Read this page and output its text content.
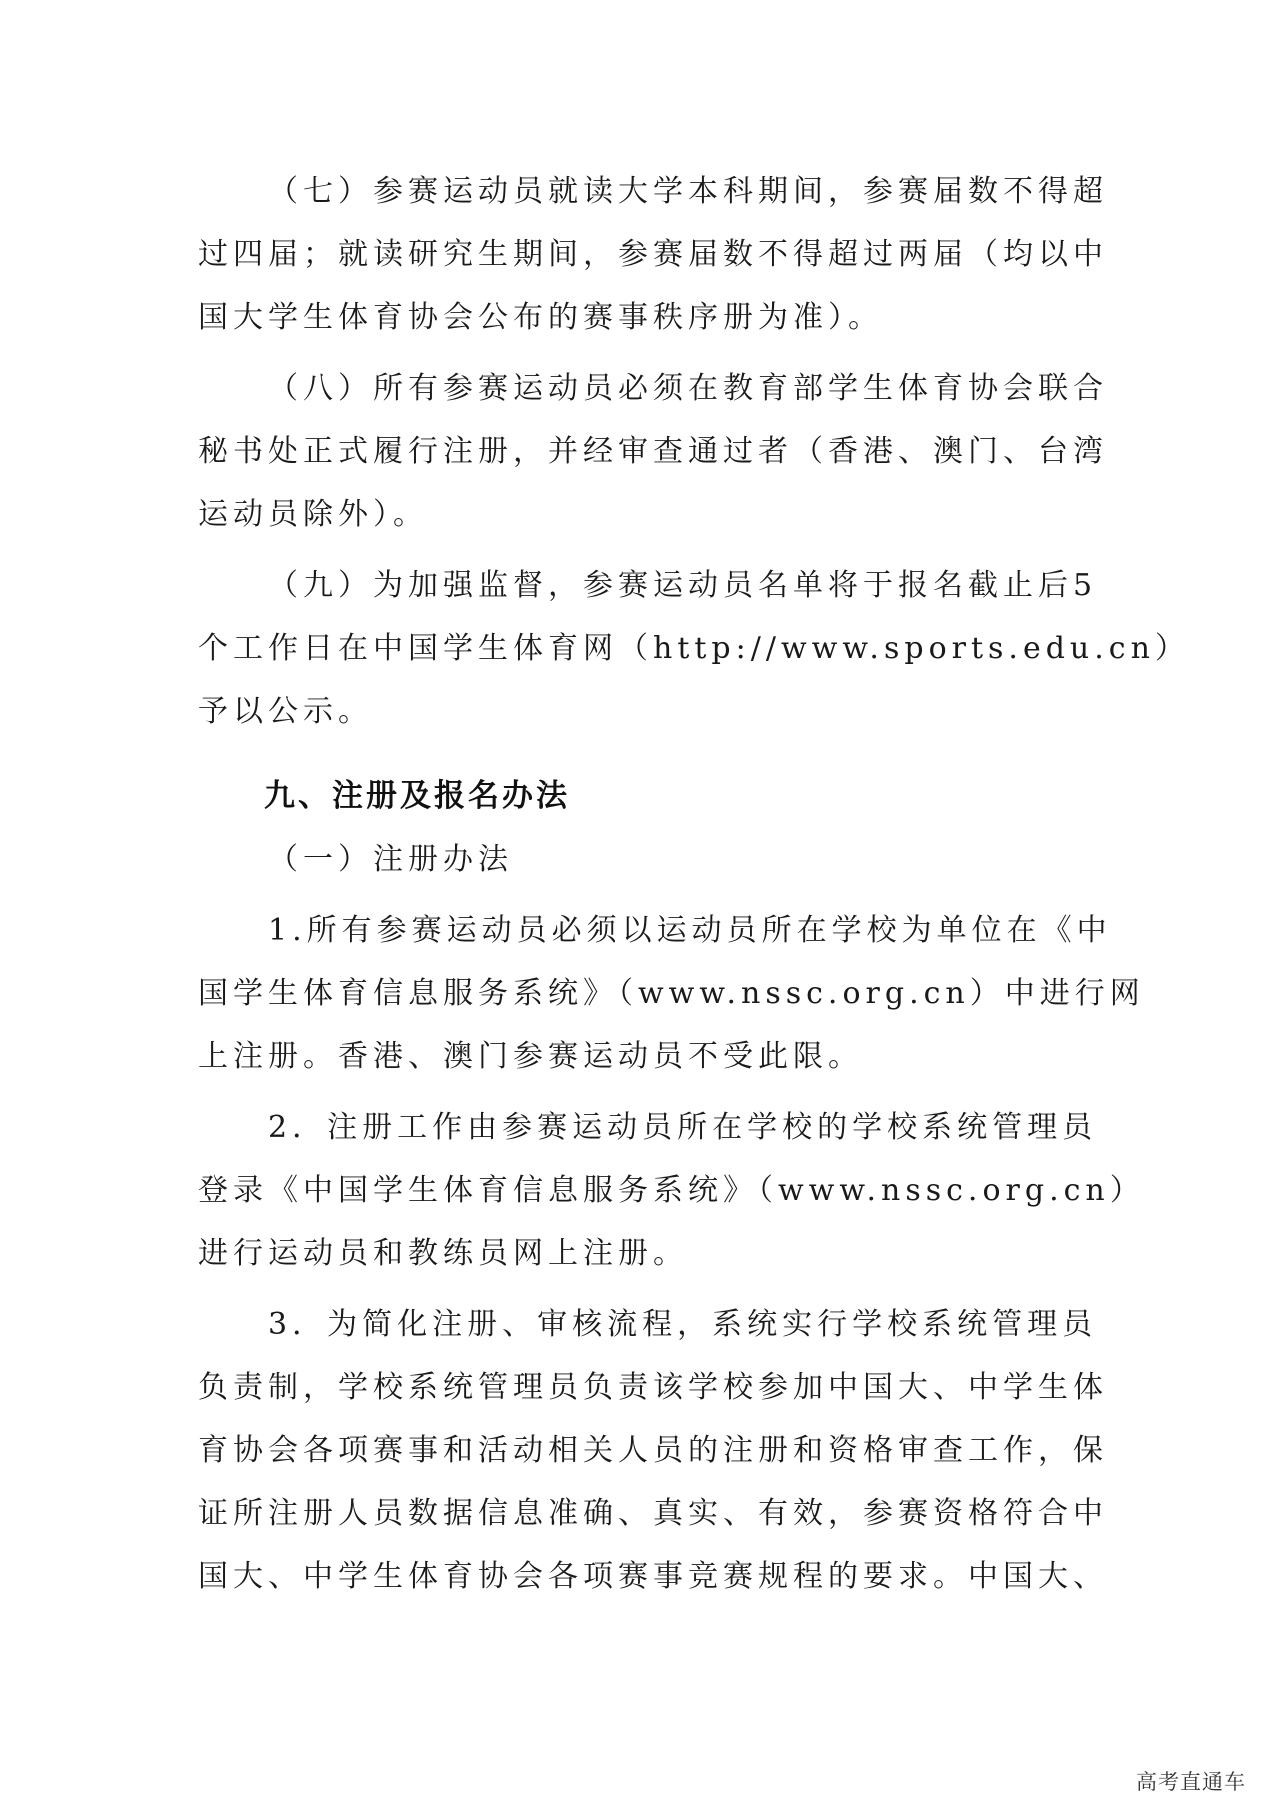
（七）参赛运动员就读大学本科期间，参赛届数不得超
过四届；就读研究生期间，参赛届数不得超过两届（均以中
国大学生体育协会公布的赛事秩序册为准）。
（八）所有参赛运动员必须在教育部学生体育协会联合
秘书处正式履行注册，并经审查通过者（香港、澳门、台湾
运动员除外）。
（九）为加强监督，参赛运动员名单将于报名截止后5
个工作日在中国学生体育网（http://www.sports.edu.cn）
予以公示。
九、注册及报名办法
（一）注册办法
1.所有参赛运动员必须以运动员所在学校为单位在《中
国学生体育信息服务系统》（www.nssc.org.cn）中进行网
上注册。香港、澳门参赛运动员不受此限。
2．注册工作由参赛运动员所在学校的学校系统管理员
登录《中国学生体育信息服务系统》（www.nssc.org.cn）
进行运动员和教练员网上注册。
3．为简化注册、审核流程，系统实行学校系统管理员
负责制，学校系统管理员负责该学校参加中国大、中学生体
育协会各项赛事和活动相关人员的注册和资格审查工作，保
证所注册人员数据信息准确、真实、有效，参赛资格符合中
国大、中学生体育协会各项赛事竞赛规程的要求。中国大、
高考直通车
